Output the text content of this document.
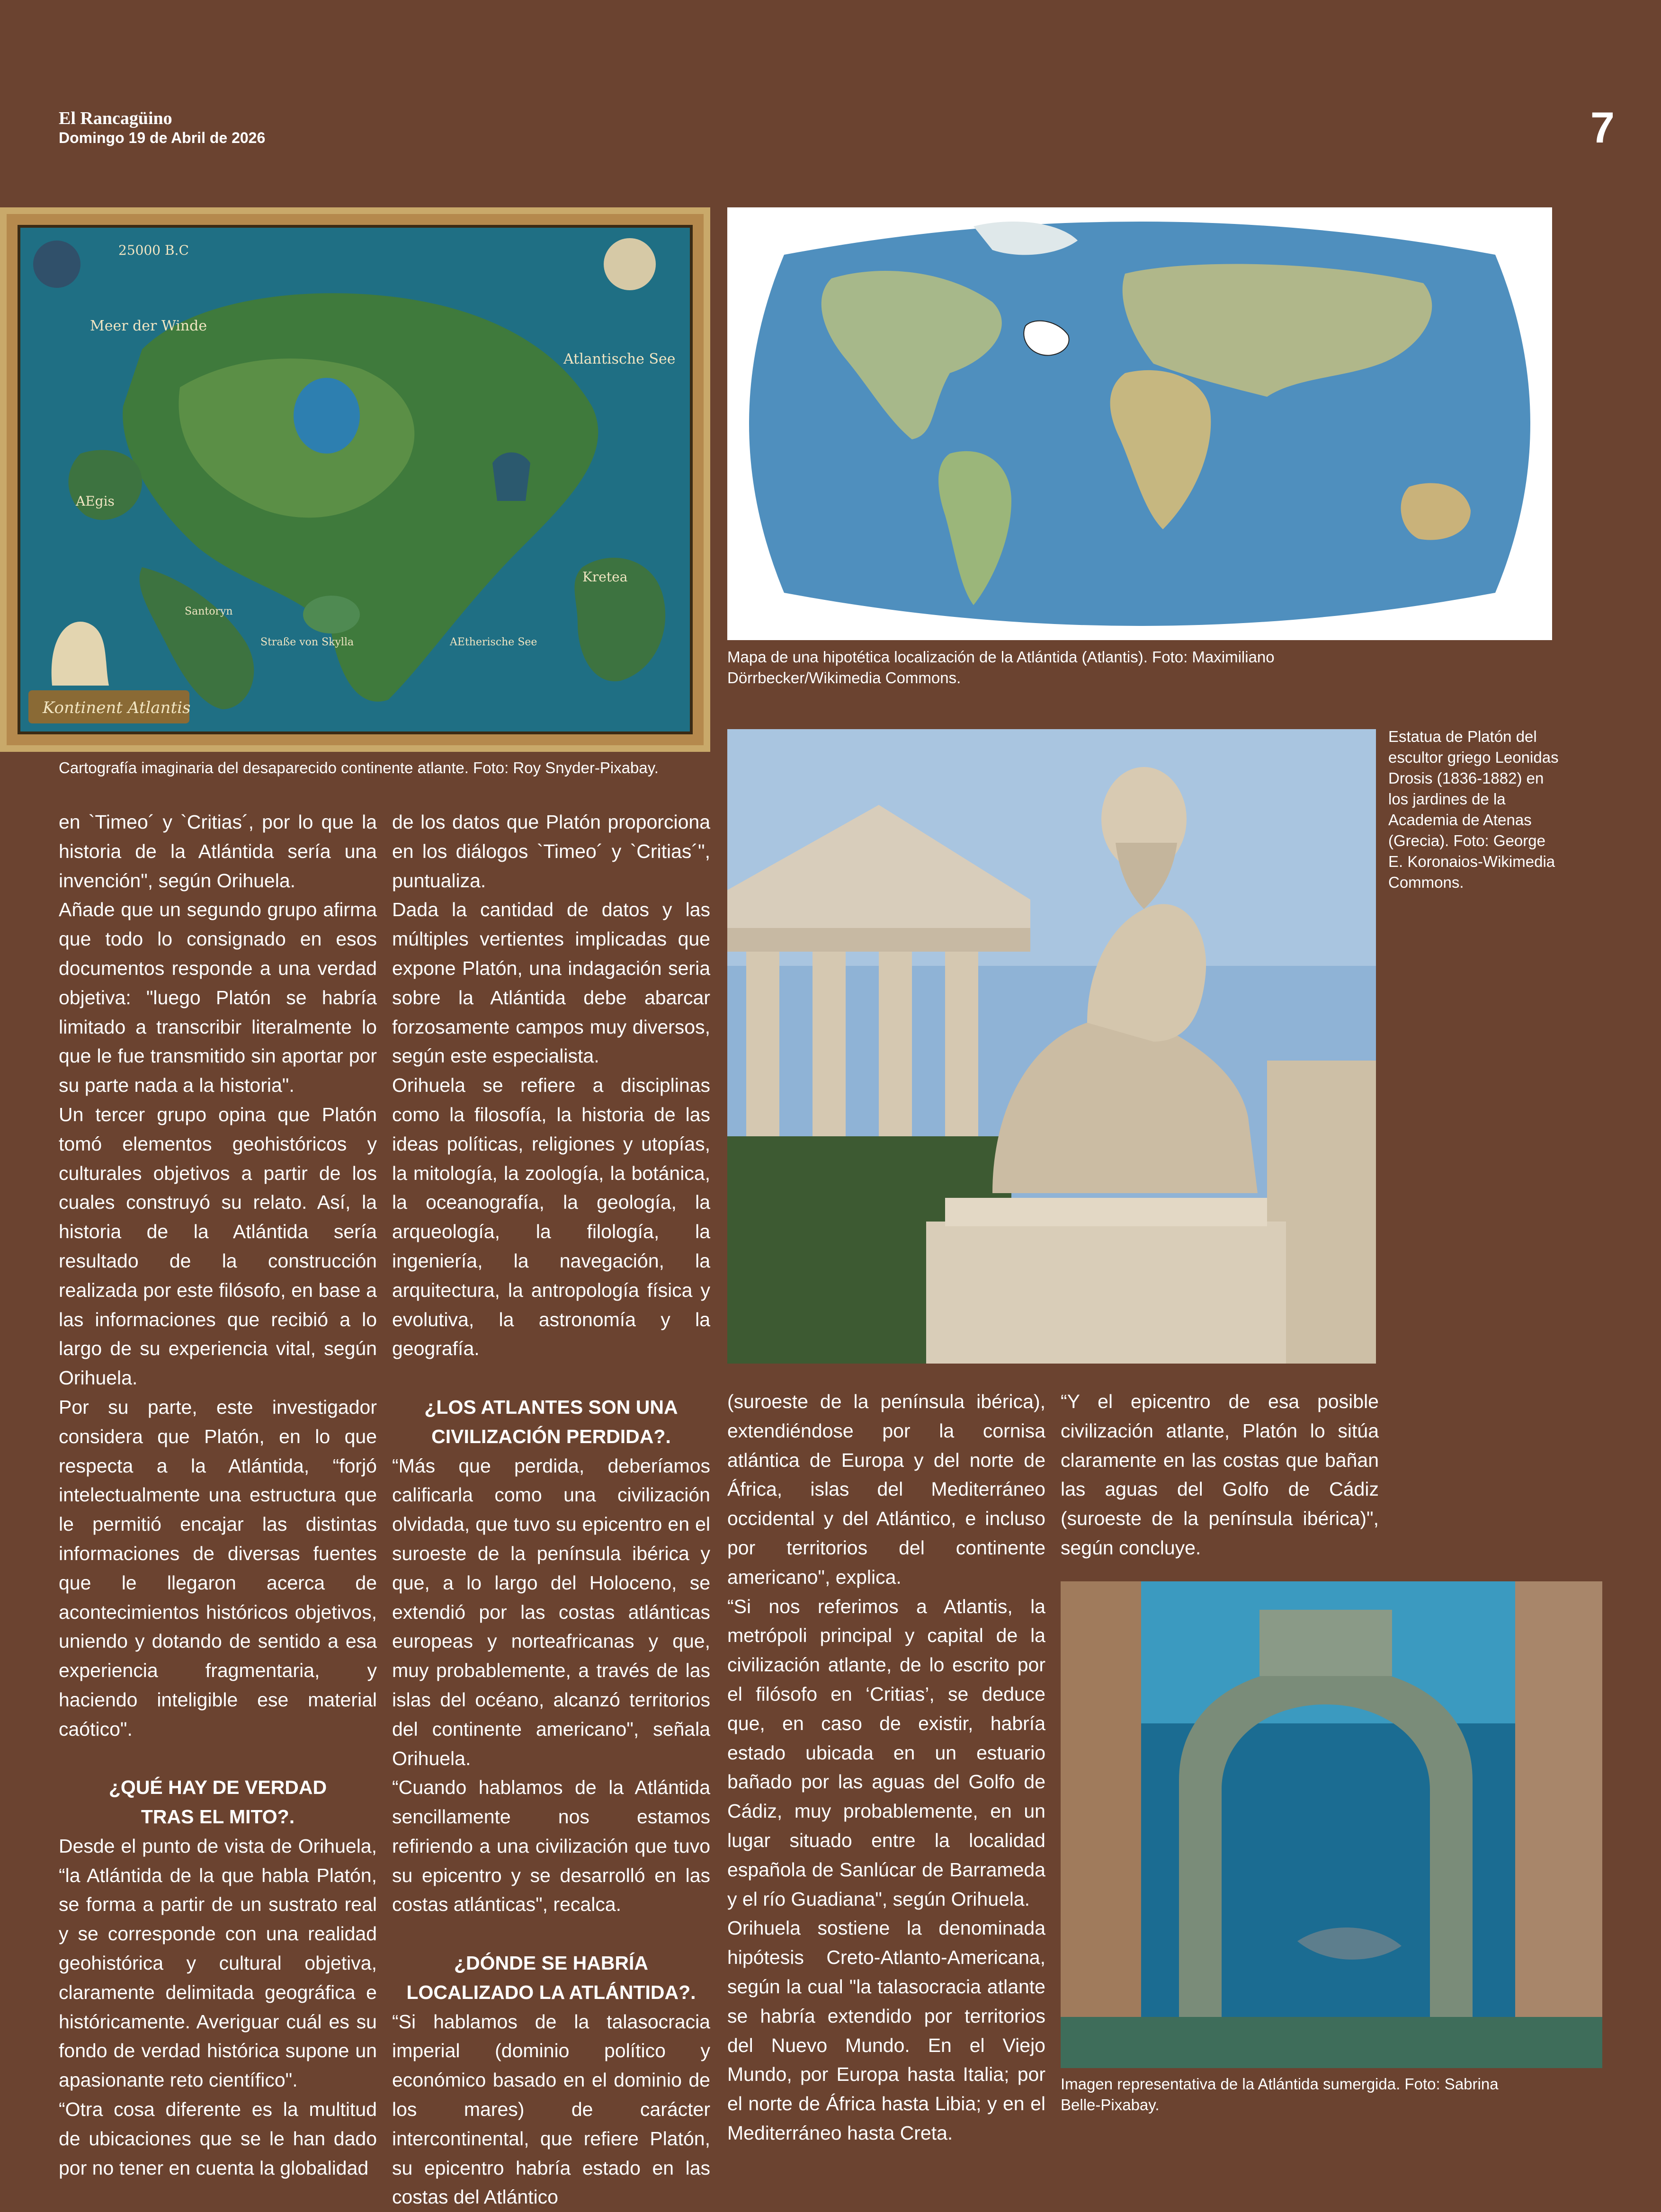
El Rancagüino
Domingo 19 de Abril de 2026	7
25000 B.C
Meer der Winde
Atlantische See
AEgis
Kretea
Santoryn
Straße von Skylla	AEtherische See
Kontinent Atlantis
Cartografía imaginaria del desaparecido continente atlante. Foto: Roy Snyder-Pixabay.
Mapa de una hipotética localización de la Atlántida (Atlantis). Foto: Maximiliano Dörrbecker/Wikimedia Commons.
Estatua de Platón del escultor griego Leonidas Drosis (1836-1882) en los jardines de la Academia de Atenas (Grecia). Foto: George E. Koronaios-Wikimedia Commons.
Imagen representativa de la Atlántida sumergida. Foto: Sabrina Belle-Pixabay.

en `Timeo´ y `Critias´, por lo que la historia de la Atlántida sería una invención", según Orihuela.

Añade que un segundo grupo afirma que todo lo consignado en esos documentos responde a una verdad objetiva: "luego Platón se habría limitado a transcribir literalmente lo que le fue transmitido sin aportar por su parte nada a la historia".

Un tercer grupo opina que Platón tomó elementos geohistóricos y culturales objetivos a partir de los cuales construyó su relato. Así, la historia de la Atlántida sería resultado de la construcción realizada por este filósofo, en base a las informaciones que recibió a lo largo de su experiencia vital, según Orihuela.

Por su parte, este investigador considera que Platón, en lo que respecta a la Atlántida, “forjó intelectualmente una estructura que le permitió encajar las distintas informaciones de diversas fuentes que le llegaron acerca de acontecimientos históricos objetivos, uniendo y dotando de sentido a esa experiencia fragmentaria, y haciendo inteligible ese material caótico".

¿QUÉ HAY DE VERDAD
TRAS EL MITO?.

Desde el punto de vista de Orihuela, “la Atlántida de la que habla Platón, se forma a partir de un sustrato real y se corresponde con una realidad geohistórica y cultural objetiva, claramente delimitada geográfica e históricamente. Averiguar cuál es su fondo de verdad histórica supone un apasionante reto científico".

“Otra cosa diferente es la multitud de ubicaciones que se le han dado por no tener en cuenta la globalidad

de los datos que Platón proporciona en los diálogos `Timeo´ y `Critias´", puntualiza.

Dada la cantidad de datos y las múltiples vertientes implicadas que expone Platón, una indagación seria sobre la Atlántida debe abarcar forzosamente campos muy diversos, según este especialista.

Orihuela se refiere a disciplinas como la filosofía, la historia de las ideas políticas, religiones y utopías, la mitología, la zoología, la botánica, la oceanografía, la geología, la arqueología, la filología, la ingeniería, la navegación, la arquitectura, la antropología física y evolutiva, la astronomía y la geografía.

¿LOS ATLANTES SON UNA
CIVILIZACIÓN PERDIDA?.

“Más que perdida, deberíamos calificarla como una civilización olvidada, que tuvo su epicentro en el suroeste de la península ibérica y que, a lo largo del Holoceno, se extendió por las costas atlánticas europeas y norteafricanas y que, muy probablemente, a través de las islas del océano, alcanzó territorios del continente americano", señala Orihuela.

“Cuando hablamos de la Atlántida sencillamente nos estamos refiriendo a una civilización que tuvo su epicentro y se desarrolló en las costas atlánticas", recalca.

¿DÓNDE SE HABRÍA
LOCALIZADO LA ATLÁNTIDA?.

“Si hablamos de la talasocracia imperial (dominio político y económico basado en el dominio de los mares) de carácter intercontinental, que refiere Platón, su epicentro habría estado en las costas del Atlántico

(suroeste de la península ibérica), extendiéndose por la cornisa atlántica de Europa y del norte de África, islas del Mediterráneo occidental y del Atlántico, e incluso por territorios del continente americano", explica.

“Si nos referimos a Atlantis, la metrópoli principal y capital de la civilización atlante, de lo escrito por el filósofo en ‘Critias’, se deduce que, en caso de existir, habría estado ubicada en un estuario bañado por las aguas del Golfo de Cádiz, muy probablemente, en un lugar situado entre la localidad española de Sanlúcar de Barrameda y el río Guadiana", según Orihuela.

Orihuela sostiene la denominada hipótesis Creto-Atlanto-Americana, según la cual "la talasocracia atlante se habría extendido por territorios del Nuevo Mundo. En el Viejo Mundo, por Europa hasta Italia; por el norte de África hasta Libia; y en el Mediterráneo hasta Creta.

“Y el epicentro de esa posible civilización atlante, Platón lo sitúa claramente en las costas que bañan las aguas del Golfo de Cádiz (suroeste de la península ibérica)", según concluye.
